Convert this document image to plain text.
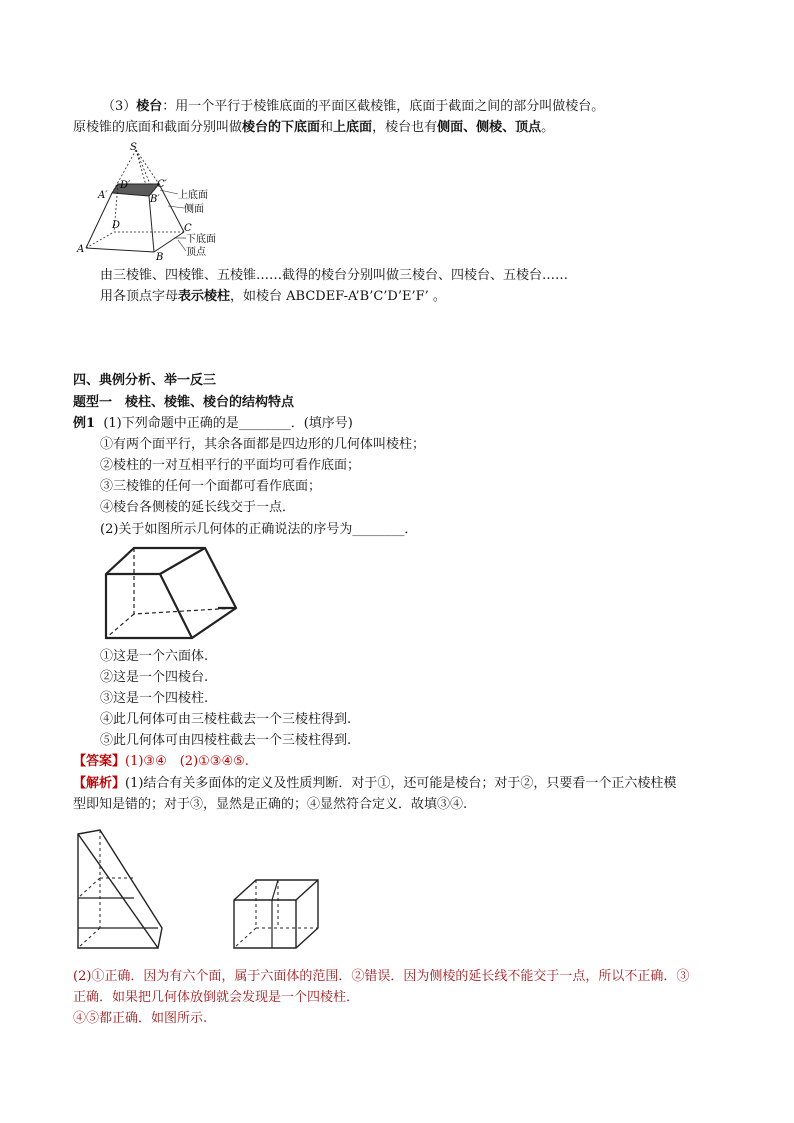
（3）棱台：用一个平行于棱锥底面的平面区截棱锥，底面于截面之间的部分叫做棱台。
原棱锥的底面和截面分别叫做棱台的下底面和上底面，棱台也有侧面、侧棱、顶点。
S
A′
D′	C′
B′
D	C
A
B
上底面
侧面
下底面
顶点
由三棱锥、四棱锥、五棱锥……截得的棱台分别叫做三棱台、四棱台、五棱台……
用各顶点字母表示棱柱，如棱台 ABCDEF-A’B’C’D’E’F’ 。
四、典例分析、举一反三
题型一　棱柱、棱锥、棱台的结构特点
例1 (1)下列命题中正确的是________．(填序号)
①有两个面平行，其余各面都是四边形的几何体叫棱柱；
②棱柱的一对互相平行的平面均可看作底面；
③三棱锥的任何一个面都可看作底面；
④棱台各侧棱的延长线交于一点．
(2)关于如图所示几何体的正确说法的序号为________．
①这是一个六面体.
②这是一个四棱台.
③这是一个四棱柱.
④此几何体可由三棱柱截去一个三棱柱得到.
⑤此几何体可由四棱柱截去一个三棱柱得到.
【答案】(1)③④　(2)①③④⑤.
【解析】(1)结合有关多面体的定义及性质判断．对于①，还可能是棱台；对于②，只要看一个正六棱柱模
型即知是错的；对于③，显然是正确的；④显然符合定义．故填③④.
(2)①正确．因为有六个面，属于六面体的范围．②错误．因为侧棱的延长线不能交于一点，所以不正确．③
正确．如果把几何体放倒就会发现是一个四棱柱．
④⑤都正确．如图所示.
